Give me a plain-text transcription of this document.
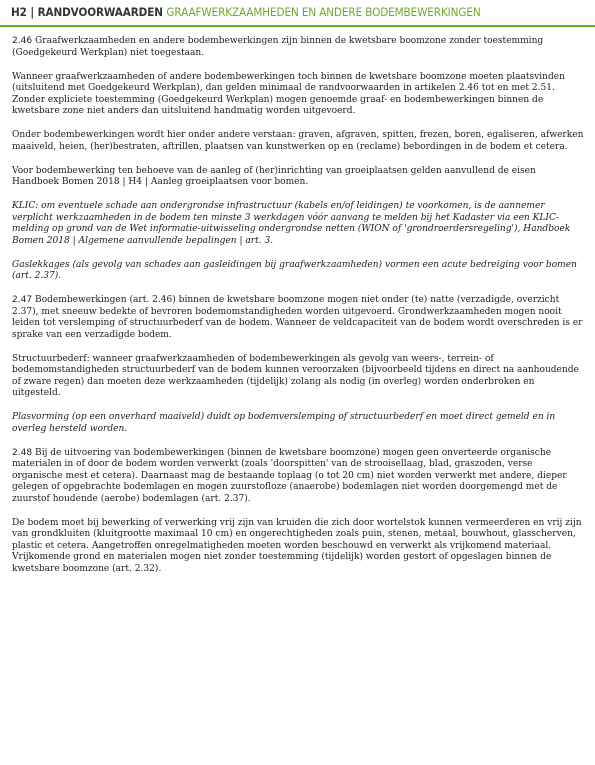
H2 | RANDVOORWAARDEN GRAAFWERKZAAMHEDEN EN ANDERE BODEMBEWERKINGEN

2.46 Graafwerkzaamheden en andere bodembewerkingen zijn binnen de kwetsbare boomzone zonder toestemming (Goedgekeurd Werkplan) niet toegestaan.

Wanneer graafwerkzaamheden of andere bodembewerkingen toch binnen de kwetsbare boomzone moeten plaatsvinden (uitsluitend met Goedgekeurd Werkplan), dan gelden minimaal de randvoorwaarden in artikelen 2.46 tot en met 2.51. Zonder expliciete toestemming (Goedgekeurd Werkplan) mogen genoemde graaf- en bodembewerkingen binnen de kwetsbare zone niet anders dan uitsluitend handmatig worden uitgevoerd.

Onder bodembewerkingen wordt hier onder andere verstaan: graven, afgraven, spitten, frezen, boren, egaliseren, afwerken maaiveld, heien, (her)bestraten, aftrillen, plaatsen van kunstwerken op en (reclame) bebordingen in de bodem et cetera.

Voor bodembewerking ten behoeve van de aanleg of (her)inrichting van groeiplaatsen gelden aanvullend de eisen Handboek Bomen 2018 | H4 | Aanleg groeiplaatsen voor bomen.

KLIC: om eventuele schade aan ondergrondse infrastructuur (kabels en/of leidingen) te voorkomen, is de aannemer verplicht werkzaamheden in de bodem ten minste 3 werkdagen vóór aanvang te melden bij het Kadaster via een KLIC-melding op grond van de Wet informatie-uitwisseling ondergrondse netten (WION of 'grondroerdersregeling'), Handboek Bomen 2018 | Algemene aanvullende bepalingen | art. 3.

Gaslekkages (als gevolg van schades aan gasleidingen bij graafwerkzaamheden) vormen een acute bedreiging voor bomen (art. 2.37).

2.47 Bodembewerkingen (art. 2.46) binnen de kwetsbare boomzone mogen niet onder (te) natte (verzadigde, overzicht 2.37), met sneeuw bedekte of bevroren bodemomstandigheden worden uitgevoerd. Grondwerkzaamheden mogen nooit leiden tot verslemping of structuurbederf van de bodem. Wanneer de veldcapaciteit van de bodem wordt overschreden is er sprake van een verzadigde bodem.

Structuurbederf: wanneer graafwerkzaamheden of bodembewerkingen als gevolg van weers-, terrein- of bodemomstandigheden structuurbederf van de bodem kunnen veroorzaken (bijvoorbeeld tijdens en direct na aanhoudende of zware regen) dan moeten deze werkzaamheden (tijdelijk) zolang als nodig (in overleg) worden onderbroken en uitgesteld.

Plasvorming (op een onverhard maaiveld) duidt op bodemverslemping of structuurbederf en moet direct gemeld en in overleg hersteld worden.

2.48 Bij de uitvoering van bodembewerkingen (binnen de kwetsbare boomzone) mogen geen onverteerde organische materialen in of door de bodem worden verwerkt (zoals 'doorspitten' van de strooisellaag, blad, graszoden, verse organische mest et cetera). Daarnaast mag de bestaande toplaag (o tot 20 cm) niet worden verwerkt met andere, dieper gelegen of opgebrachte bodemlagen en mogen zuurstofloze (anaerobe) bodemlagen niet worden doorgemengd met de zuurstof houdende (aerobe) bodemlagen (art. 2.37).

De bodem moet bij bewerking of verwerking vrij zijn van kruiden die zich door wortelstok kunnen vermeerderen en vrij zijn van grondkluiten (kluitgrootte maximaal 10 cm) en ongerechtigheden zoals puin, stenen, metaal, bouwhout, glasscherven, plastic et cetera. Aangetroffen onregelmatigheden moeten worden beschouwd en verwerkt als vrijkomend materiaal. Vrijkomende grond en materialen mogen niet zonder toestemming (tijdelijk) worden gestort of opgeslagen binnen de kwetsbare boomzone (art. 2.32).
